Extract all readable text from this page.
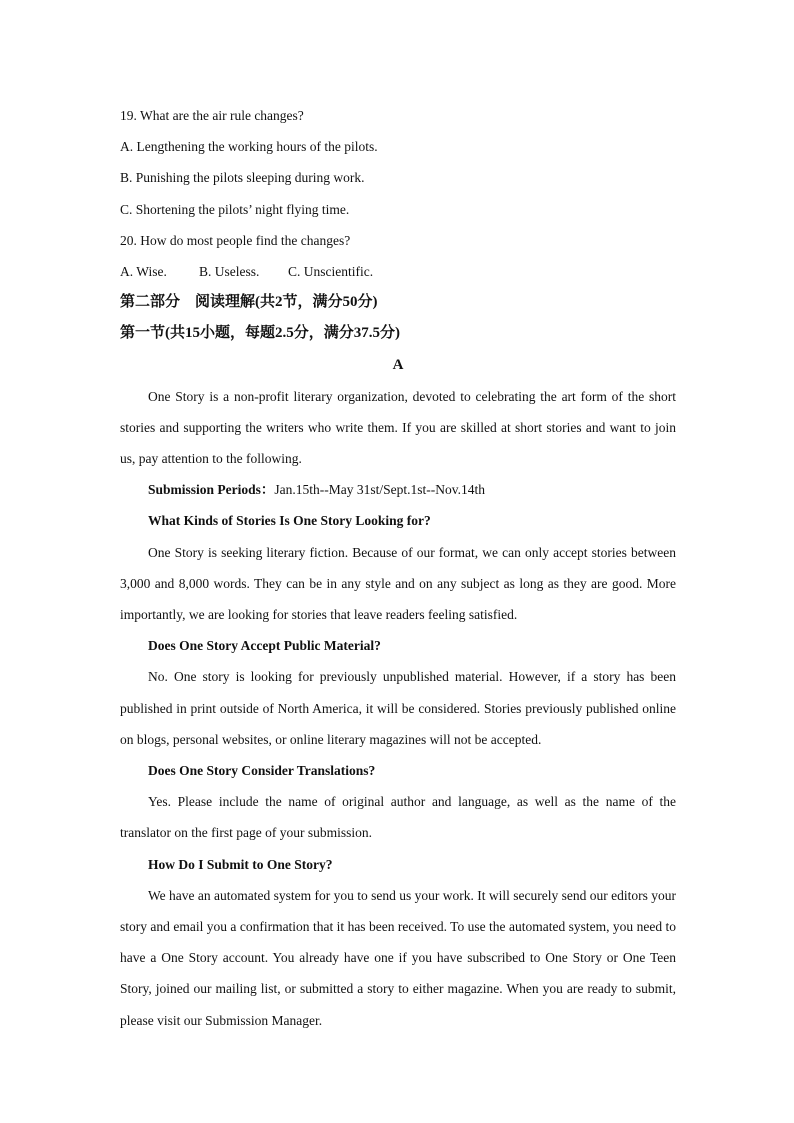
19. What are the air rule changes?
A. Lengthening the working hours of the pilots.
B. Punishing the pilots sleeping during work.
C. Shortening the pilots’ night flying time.
20. How do most people find the changes?
A. Wise. B. Useless. C. Unscientific.
第二部分　阅读理解(共2节，满分50分)
第一节(共15小题，每题2.5分，满分37.5分)
A

One Story is a non-profit literary organization, devoted to celebrating the art form of the short stories and supporting the writers who write them. If you are skilled at short stories and want to join us, pay attention to the following.

Submission Periods：Jan.15th--May 31st/Sept.1st--Nov.14th
What Kinds of Stories Is One Story Looking for?

One Story is seeking literary fiction. Because of our format, we can only accept stories between 3,000 and 8,000 words. They can be in any style and on any subject as long as they are good. More importantly, we are looking for stories that leave readers feeling satisfied.

Does One Story Accept Public Material?

No. One story is looking for previously unpublished material. However, if a story has been published in print outside of North America, it will be considered. Stories previously published online on blogs, personal websites, or online literary magazines will not be accepted.

Does One Story Consider Translations?

Yes. Please include the name of original author and language, as well as the name of the translator on the first page of your submission.

How Do I Submit to One Story?

We have an automated system for you to send us your work. It will securely send our editors your story and email you a confirmation that it has been received. To use the automated system, you need to have a One Story account. You already have one if you have subscribed to One Story or One Teen Story, joined our mailing list, or submitted a story to either magazine. When you are ready to submit, please visit our Submission Manager.
